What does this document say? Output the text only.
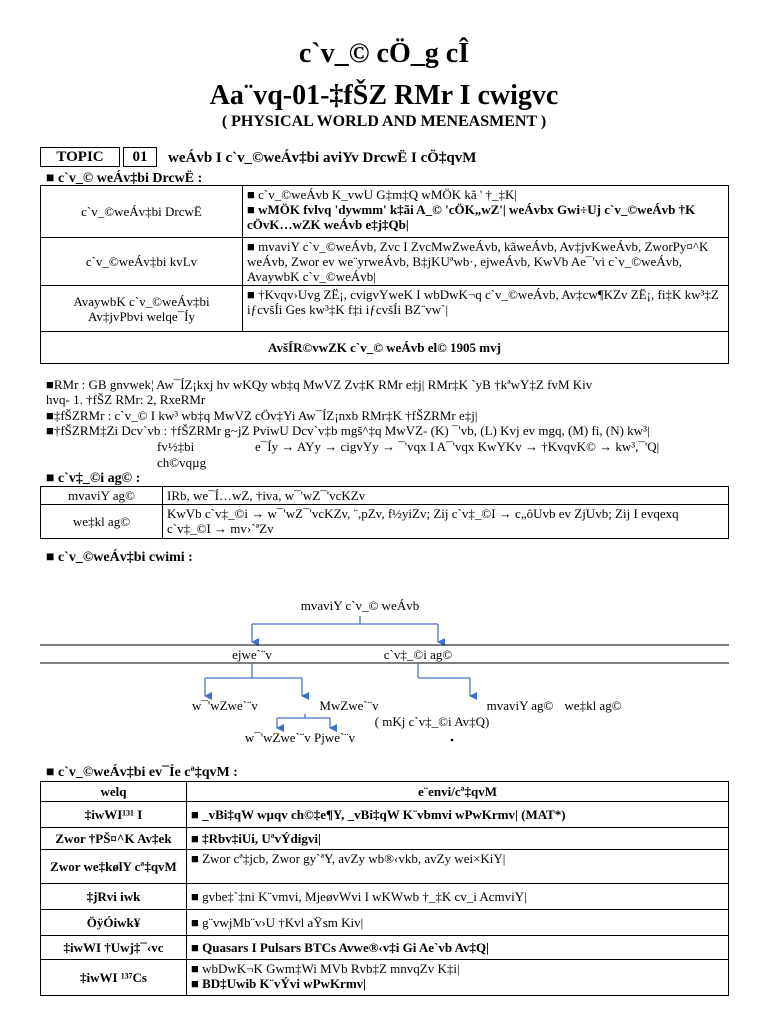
c`v_© cÖ_g cÎ
Aa¨vq-01-‡fŠZ RMr I cwigvc
( PHYSICAL WORLD AND MENEASMENT )
TOPIC	01	weÁvb I c`v_©weÁv‡bi aviYv DrcwË I cÖ‡qvM
■ c`v_© weÁv‡bi DrcwË :
c`v_©weÁv‡bi DrcwË	■ c`v_©weÁvb K_vwU G‡m‡Q wMÖK kã ' †_‡K|
■ wMÖK fvlvq 'dywmm' k‡ãi A_© 'cÖK„wZ'| weÁvbx Gwi÷Uj c`v_©weÁvb †K cÖvK…wZK weÁvb e‡j‡Qb|

c`v_©weÁv‡bi kvLv	■ mvaviY c`v_©weÁvb, Zvc I ZvcMwZweÁvb, kãweÁvb, Av‡jvKweÁvb, ZworPy¤^K weÁvb, Zwor ev we¨yrweÁvb, B‡jKUªwb·, ejweÁvb, KwVb Ae¯'vi c`v_©weÁvb, AvaywbK c`v_©weÁvb|
AvaywbK c`v_©weÁv‡bi Av‡jvPbvi welqe¯Íy	■ †Kvqv›Uvg ZË¡, cvigvYweK I wbDwK¬q c`v_©weÁvb, Av‡cw¶KZv ZË¡, fi‡K kw³‡Z iƒcvšÍi Ges kw³‡K f‡i iƒcvšÍi BZ¨vw`|
AvšÍR©vwZK c`v_© weÁvb el© 1905 mvj	
■RMr : GB gnvwek¦ Aw¯ÍZ¡kxj hv wKQy wb‡q MwVZ Zv‡K RMr e‡j| RMr‡K `yB †kªwY‡Z fvM Kiv
hvq- 1. †fŠZ RMr: 2, RxeRMr
■‡fŠZRMr : c`v_© I kw³ wb‡q MwVZ cÖv‡Yi Aw¯ÍZ¡nxb RMr‡K †fŠZRMr e‡j|
■†fŠZRM‡Zi Dcv`vb : †fŠZRMr g~jZ PviwU Dcv`v‡b mgš^‡q MwVZ- (K) ¯'vb, (L) Kvj ev mgq, (M) fi, (N) kw³|
fv½‡bi	e¯Íy → AYy → cigvYy → ¯'vqx I A¯'vqx KwYKv → †KvqvK© → kw³,¯'Q|
ch©vqµg
■ c`v‡_©i ag© :
mvaviY ag©	IRb, we¯Í…wZ, †iva, w¯'wZ¯'vcKZv
we‡kl ag©	KwVb c`v‡_©i → w¯'wZ¯'vcKZv, ¨,pZv, f½yiZv; Zij c`v‡_©I → c„ôUvb ev ZjUvb; Zij I evqexq c`v‡_©I → mv›`ªZv
■ c`v_©weÁv‡bi cwimi :
mvaviY c`v_© weÁvb
ejwe`¨v	c`v‡_©i ag©
w¯'wZwe`¨v	MwZwe`¨v	mvaviY ag© we‡kl ag©
( mKj c`v‡_©i Av‡Q)
w¯'wZwe`¨v Pjwe`¨v
■ c`v_©weÁv‡bi ev¯Íe cª‡qvM :
welq	e¨envi/cª‡qvM
‡iwWI¹³¹ I	■ _vBi‡qW wµqv ch©‡e¶Y, _vBi‡qW K¨vbmvi wPwKrmv| (MAT*)
Zwor †PŠ¤^K Av‡ek	■ ‡Rbv‡iUi, UªvÝdigvi|
Zwor we‡kølY cª‡qvM	■ Zwor cª‡jcb, Zwor gy`ªY, avZy wb®‹vkb, avZy wei×KiY|
‡jRvi iwk	■ gvbe‡`‡ni K¨vmvi, MjeøvWvi I wKWwb †_‡K cv_i AcmviY|
ÖÿÓiwk¥	■ g¨vwjMb¨v›U †Kvl aŸsm Kiv|
‡iwWI †Uwj‡¯‹vc	■ Quasars I Pulsars BTCs Avwe®‹v‡i Gi Ae`vb Av‡Q|
‡iwWI ¹³⁷Cs	■ wbDwK¬K Gwm‡Wi MVb Rvb‡Z mnvqZv K‡i|
■ BD‡Uwib K¨vÝvi wPwKrmv|
